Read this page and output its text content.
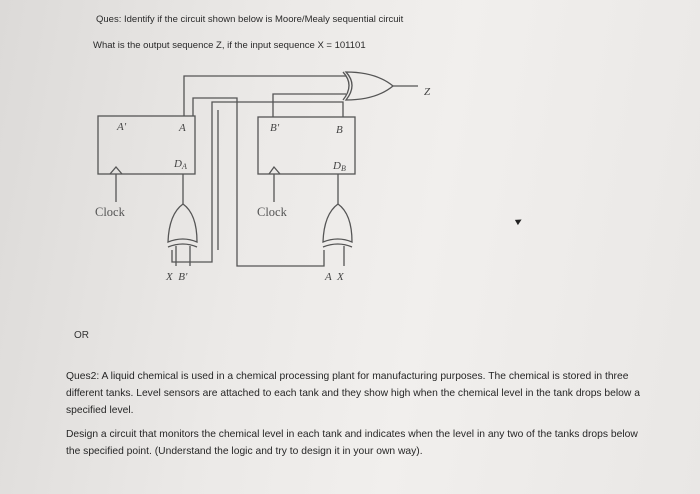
Ques: Identify if the circuit shown below is Moore/Mealy sequential circuit
What is the output sequence Z, if the input sequence X = 101101
A'	A
DA
B'	B
DB
Clock	Clock
Z
X  B'	A  X
OR
Ques2: A liquid chemical is used in a chemical processing plant for manufacturing purposes. The chemical is stored in three
different tanks. Level sensors are attached to each tank and they show high when the chemical level in the tank drops below a
specified level.
Design a circuit that monitors the chemical level in each tank and indicates when the level in any two of the tanks drops below
the specified point. (Understand the logic and try to design it in your own way).
